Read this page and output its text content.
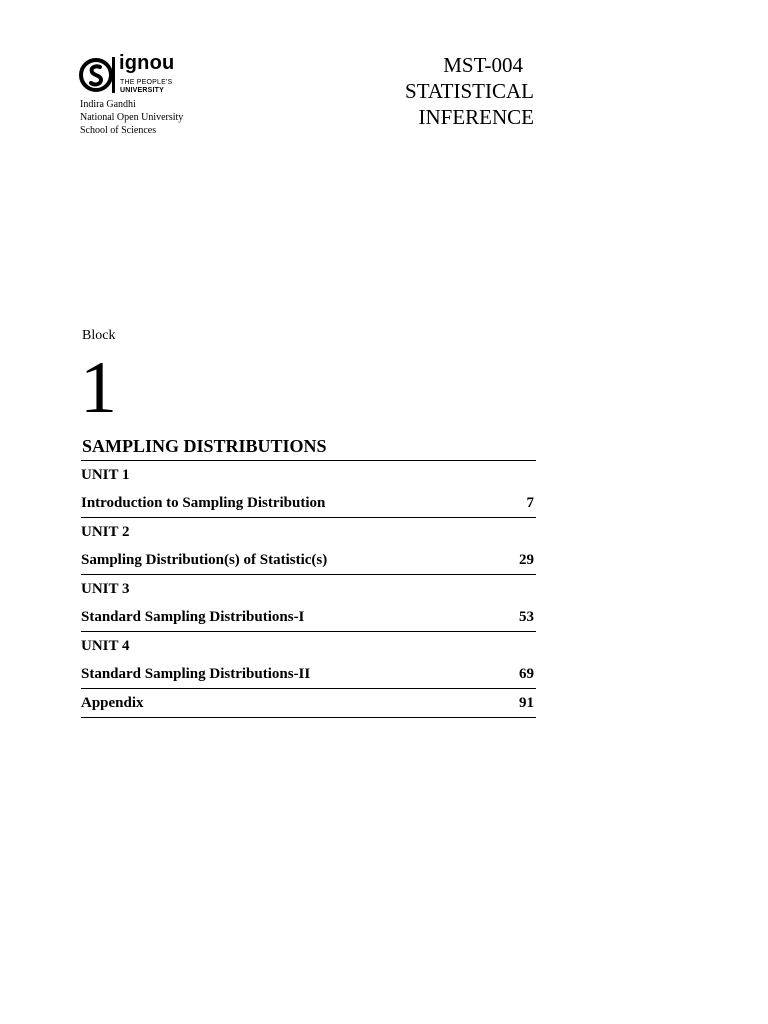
ignou
THE PEOPLE'S
UNIVERSITY
Indira Gandhi
National Open University
School of Sciences
MST-004
STATISTICAL
INFERENCE
Block
1
SAMPLING DISTRIBUTIONS
UNIT 1
Introduction to Sampling Distribution	7
UNIT 2
Sampling Distribution(s) of Statistic(s)	29
UNIT 3
Standard Sampling Distributions-I	53
UNIT 4
Standard Sampling Distributions-II	69
Appendix	91
